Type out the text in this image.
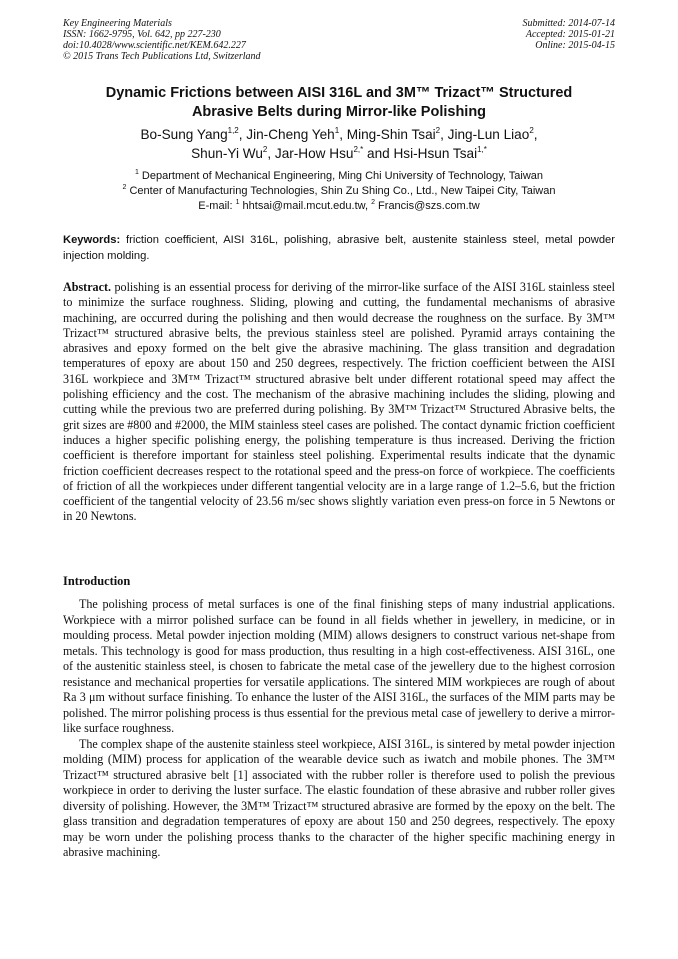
Key Engineering Materials
ISSN: 1662-9795, Vol. 642, pp 227-230
doi:10.4028/www.scientific.net/KEM.642.227
© 2015 Trans Tech Publications Ltd, Switzerland
Submitted: 2014-07-14
Accepted: 2015-01-21
Online: 2015-04-15
Dynamic Frictions between AISI 316L and 3M™ Trizact™ Structured
Abrasive Belts during Mirror-like Polishing
Bo-Sung Yang$^{1,2}$, Jin-Cheng Yeh$^1$, Ming-Shin Tsai$^2$, Jing-Lun Liao$^2$,
Shun-Yi Wu$^2$, Jar-How Hsu$^{2,*}$ and Hsi-Hsun Tsai$^{1,*}$
$^1$ Department of Mechanical Engineering, Ming Chi University of Technology, Taiwan
$^2$ Center of Manufacturing Technologies, Shin Zu Shing Co., Ltd., New Taipei City, Taiwan
E-mail: $^1$ hhtsai@mail.mcut.edu.tw, $^2$ Francis@szs.com.tw
Keywords: friction coefficient, AISI 316L, polishing, abrasive belt, austenite stainless steel, metal powder injection molding.
Abstract. polishing is an essential process for deriving of the mirror-like surface of the AISI 316L stainless steel to minimize the surface roughness. Sliding, plowing and cutting, the fundamental mechanisms of abrasive machining, are occurred during the polishing and then would decrease the roughness on the surface. By 3M™ Trizact™ structured abrasive belts, the previous stainless steel are polished. Pyramid arrays containing the abrasives and epoxy formed on the belt give the abrasive machining. The glass transition and degradation temperatures of epoxy are about 150 and 250 degrees, respectively. The friction coefficient between the AISI 316L workpiece and 3M™ Trizact™ structured abrasive belt under different rotational speed may affect the polishing efficiency and the cost. The mechanism of the abrasive machining includes the sliding, plowing and cutting while the previous two are preferred during polishing. By 3M™ Trizact™ Structured Abrasive belts, the grit sizes are #800 and #2000, the MIM stainless steel cases are polished. The contact dynamic friction coefficient induces a higher specific polishing energy, the polishing temperature is thus increased. Deriving the friction coefficient is therefore important for stainless steel polishing. Experimental results indicate that the dynamic friction coefficient decreases respect to the rotational speed and the press-on force of workpiece. The coefficients of friction of all the workpieces under different tangential velocity are in a large range of 1.2–5.6, but the friction coefficient of the tangential velocity of 23.56 m/sec shows slightly variation even press-on force in 5 Newtons or in 20 Newtons.
Introduction

The polishing process of metal surfaces is one of the final finishing steps of many industrial applications. Workpiece with a mirror polished surface can be found in all fields whether in jewellery, in medicine, or in moulding process. Metal powder injection molding (MIM) allows designers to construct various net-shape from metals. This technology is good for mass production, thus resulting in a high cost-effectiveness. AISI 316L, one of the austenitic stainless steel, is chosen to fabricate the metal case of the jewellery due to the highest corrosion resistance and mechanical properties for versatile applications. The sintered MIM workpieces are rough of about Ra 3 μm without surface finishing. To enhance the luster of the AISI 316L, the surfaces of the MIM parts may be polished. The mirror polishing process is thus essential for the previous metal case of jewellery to derive a mirror-like surface roughness.

The complex shape of the austenite stainless steel workpiece, AISI 316L, is sintered by metal powder injection molding (MIM) process for application of the wearable device such as iwatch and mobile phones. The 3M™ Trizact™ structured abrasive belt [1] associated with the rubber roller is therefore used to polish the previous workpiece in order to deriving the luster surface. The elastic foundation of these abrasive and rubber roller gives diversity of polishing. However, the 3M™ Trizact™ structured abrasive are formed by the epoxy on the belt. The glass transition and degradation temperatures of epoxy are about 150 and 250 degrees, respectively. The epoxy may be worn under the polishing process thanks to the character of the higher specific machining energy in abrasive machining.
